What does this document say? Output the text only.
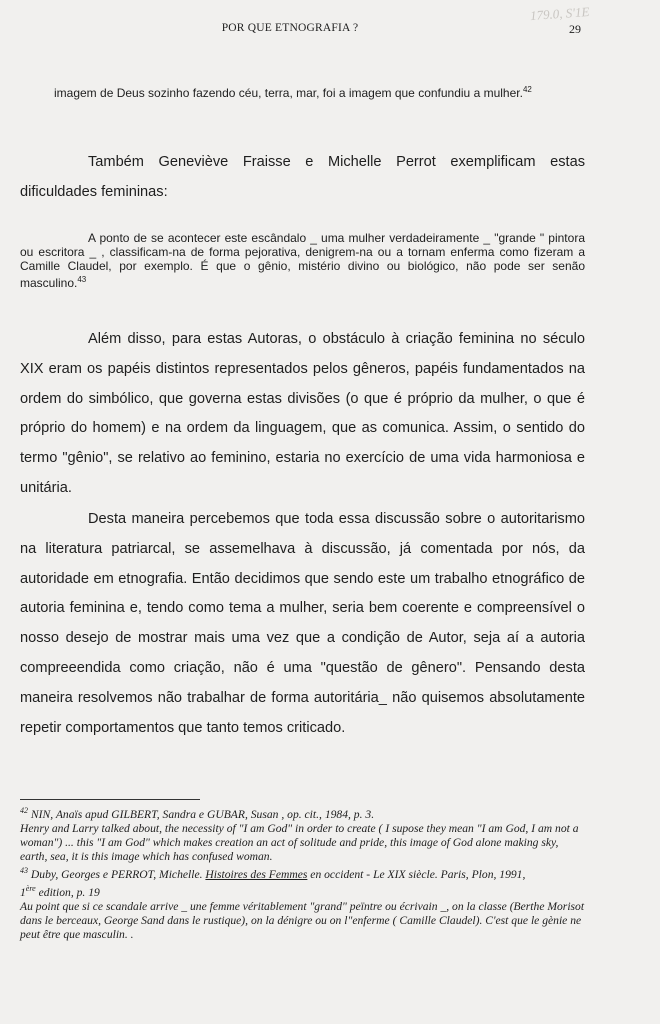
179.0, S'1E
POR QUE ETNOGRAFIA ?	29
imagem de Deus sozinho fazendo céu, terra, mar, foi a imagem que confundiu a mulher.$^{42}$
Também Geneviève Fraisse e Michelle Perrot exemplificam estas dificuldades femininas:
A ponto de se acontecer este escândalo _ uma mulher verdadeiramente _ "grande " pintora ou escritora _ , classificam-na de forma pejorativa, denigrem-na ou a tornam enferma como fizeram a Camille Claudel, por exemplo. É que o gênio, mistério divino ou biológico, não pode ser senão masculino.$^{43}$
Além disso, para estas Autoras, o obstáculo à criação feminina no século XIX eram os papéis distintos representados pelos gêneros, papéis fundamentados na ordem do simbólico, que governa estas divisões (o que é próprio da mulher, o que é próprio do homem) e na ordem da linguagem, que as comunica. Assim, o sentido do termo "gênio", se relativo ao feminino, estaria no exercício de uma vida harmoniosa e unitária.
Desta maneira percebemos que toda essa discussão sobre o autoritarismo na literatura patriarcal, se assemelhava à discussão, já comentada por nós, da autoridade em etnografia. Então decidimos que sendo este um trabalho etnográfico de autoria feminina e, tendo como tema a mulher, seria bem coerente e compreensível o nosso desejo de mostrar mais uma vez que a condição de Autor, seja aí a autoria compreeendida como criação, não é uma "questão de gênero". Pensando desta maneira resolvemos não trabalhar de forma autoritária_ não quisemos absolutamente repetir comportamentos que tanto temos criticado.

$^{42}$ NIN, Anaïs apud GILBERT, Sandra e GUBAR, Susan , op. cit., 1984, p. 3.

Henry and Larry talked about, the necessity of "I am God" in order to create ( I supose they mean "I am God, I am not a woman") ... this "I am God" which makes creation an act of solitude and pride, this image of God alone making sky, earth, sea, it is this image which has confused woman.

$^{43}$ Duby, Georges e PERROT, Michelle. Histoires des Femmes en occident - Le XIX siècle. Paris, Plon, 1991,
1ère edition, p. 19

Au point que si ce scandale arrive _ une femme véritablement "grand" peïntre ou écrivain _, on la classe (Berthe Morisot dans le berceaux, George Sand dans le rustique), on la dénigre ou on l"enferme ( Camille Claudel). C'est que le gènie ne peut être que masculin. .
